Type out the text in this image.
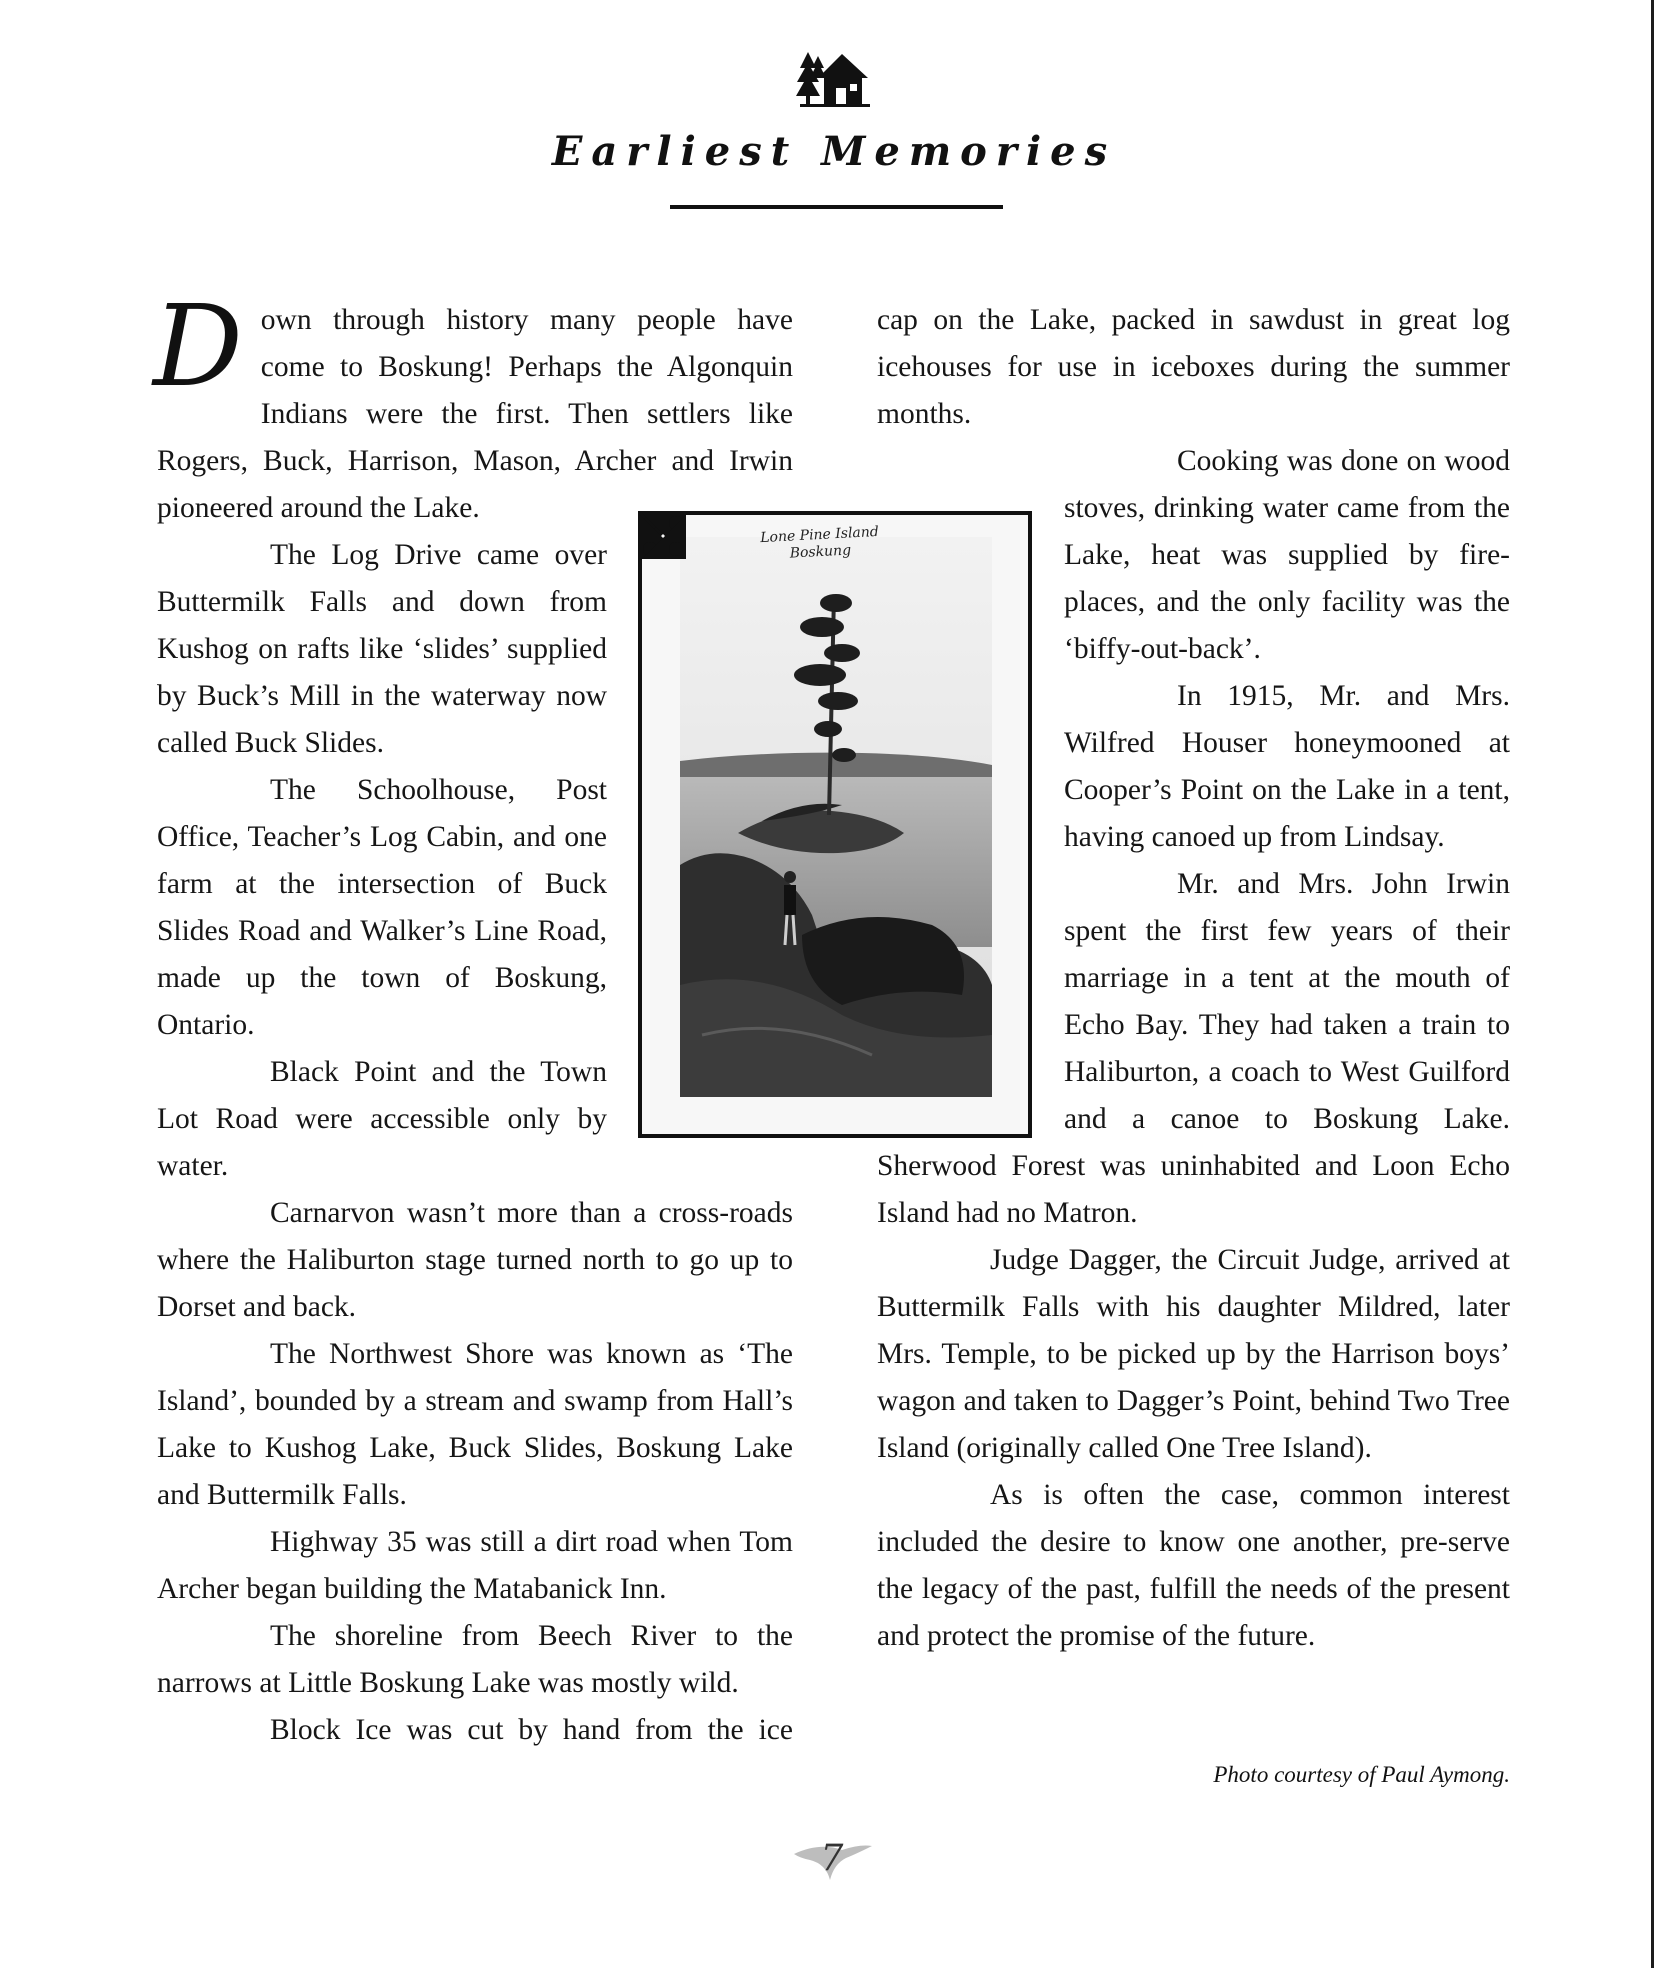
Earliest Memories
D own through history many people have come to Boskung! Perhaps the Algonquin Indians were the first. Then settlers like Rogers, Buck, Harrison, Mason, Archer and Irwin pioneered around the Lake.

The Log Drive came over Buttermilk Falls and down from Kushog on rafts like ‘slides’ supplied by Buck’s Mill in the waterway now called Buck Slides.

The Schoolhouse, Post Office, Teacher’s Log Cabin, and one farm at the intersection of Buck Slides Road and Walker’s Line Road, made up the town of Boskung, Ontario.

Black Point and the Town Lot Road were accessible only by water.

Carnarvon wasn’t more than a cross-roads where the Haliburton stage turned north to go up to Dorset and back.

The Northwest Shore was known as ‘The Island’, bounded by a stream and swamp from Hall’s Lake to Kushog Lake, Buck Slides, Boskung Lake and Buttermilk Falls.

Highway 35 was still a dirt road when Tom Archer began building the Matabanick Inn.

The shoreline from Beech River to the narrows at Little Boskung Lake was mostly wild.

Block Ice was cut by hand from the ice

cap on the Lake, packed in sawdust in great log icehouses for use in iceboxes during the summer months.

Cooking was done on wood stoves, drinking water came from the Lake, heat was supplied by fire-places, and the only facility was the ‘biffy-out-back’.

In 1915, Mr. and Mrs. Wilfred Houser honeymooned at Cooper’s Point on the Lake in a tent, having canoed up from Lindsay.

Mr. and Mrs. John Irwin spent the first few years of their marriage in a tent at the mouth of Echo Bay. They had taken a train to Haliburton, a coach to West Guilford and a canoe to Boskung Lake. Sherwood Forest was uninhabited and Loon Echo Island had no Matron.

Judge Dagger, the Circuit Judge, arrived at Buttermilk Falls with his daughter Mildred, later Mrs. Temple, to be picked up by the Harrison boys’ wagon and taken to Dagger’s Point, behind Two Tree Island (originally called One Tree Island).

As is often the case, common interest included the desire to know one another, pre-serve the legacy of the past, fulfill the needs of the present and protect the promise of the future.

Photo courtesy of Paul Aymong.
Lone Pine Island
Boskung
7
